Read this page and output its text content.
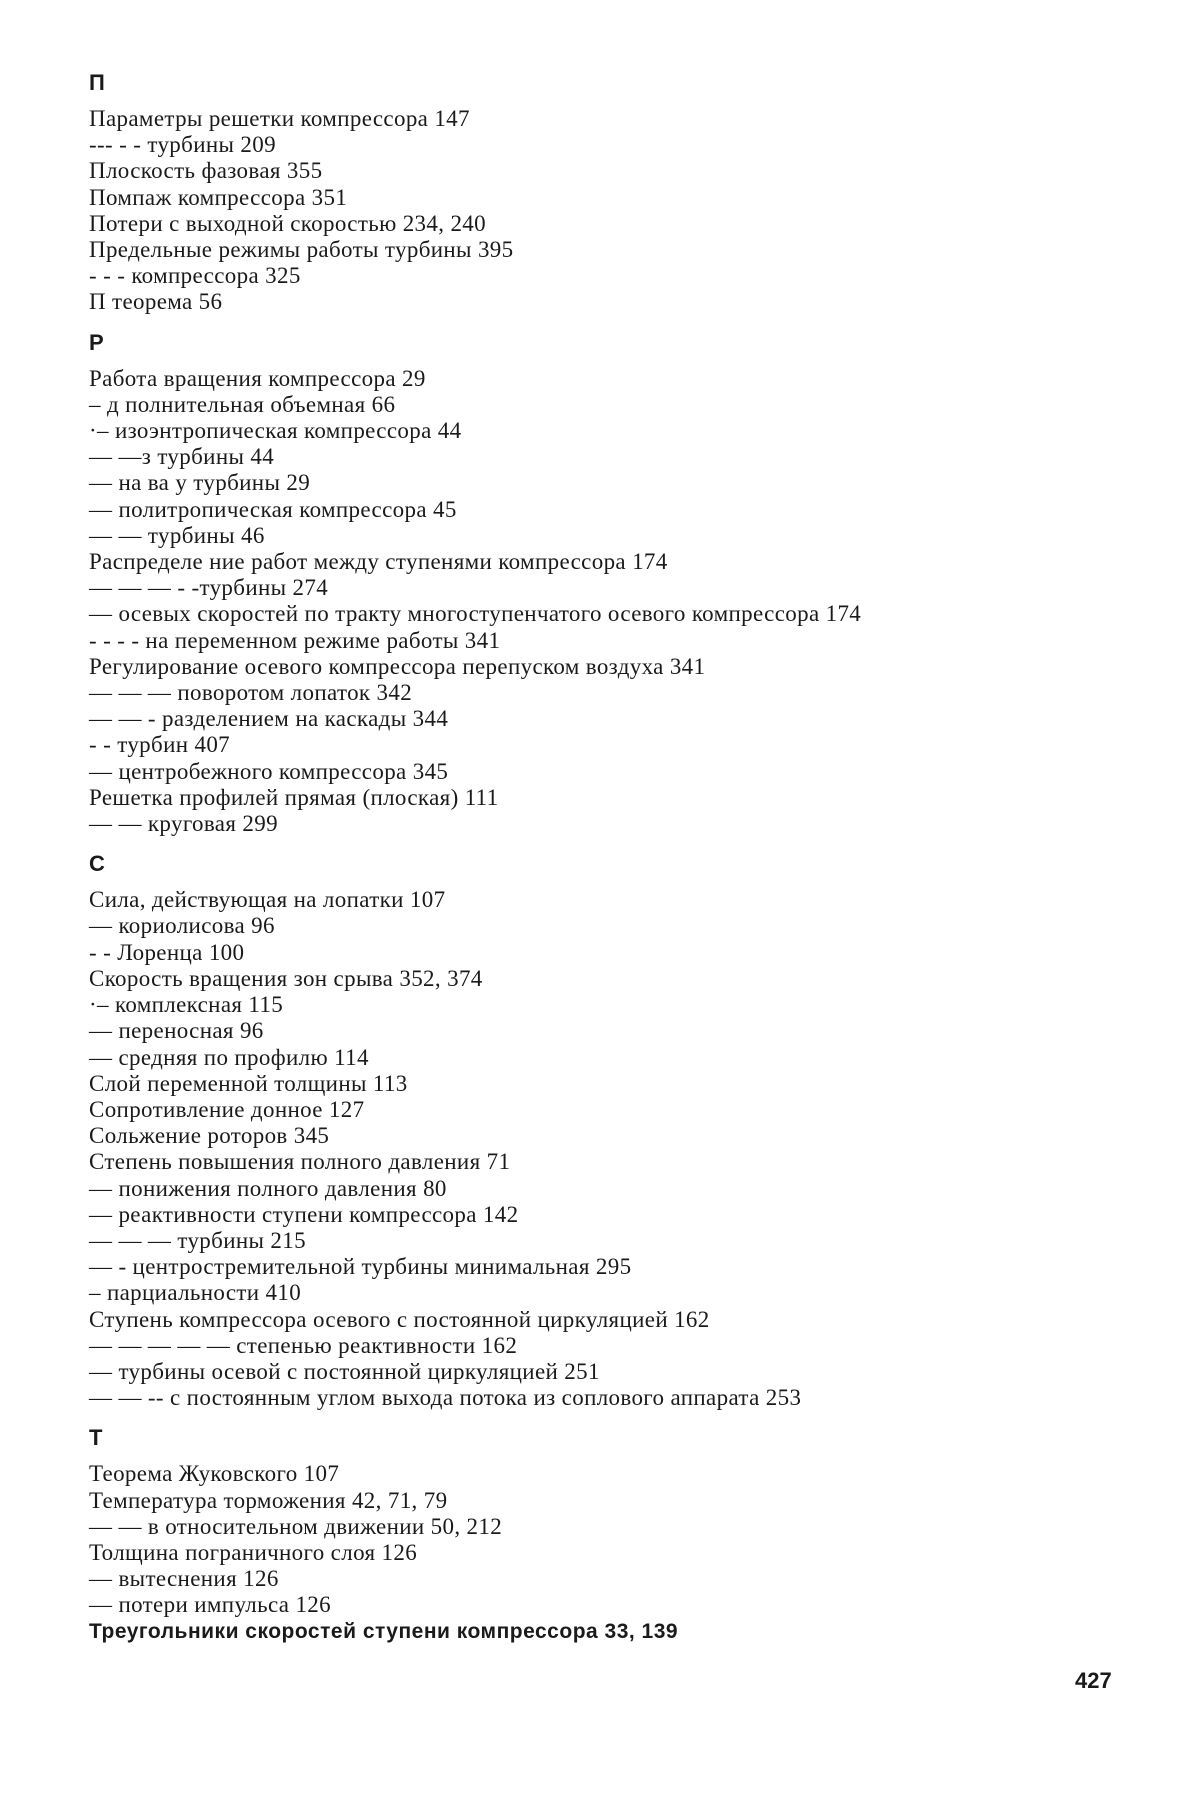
П
Параметры решетки компрессора 147
--- - - турбины 209
Плоскость фазовая 355
Помпаж компрессора 351
Потери с выходной скоростью 234, 240
Предельные режимы работы турбины 395
- - - компрессора 325
П теорема 56
Р
Работа вращения компрессора 29
– д полнительная объемная 66
·– изоэнтропическая компрессора 44
— —з турбины 44
— на ва у турбины 29
— политропическая компрессора 45
— — турбины 46
Распределе ние работ между ступенями компрессора 174
— — — - -турбины 274
— осевых скоростей по тракту многоступенчатого осевого компрессора 174
- - - - на переменном режиме работы 341
Регулирование осевого компрессора перепуском воздуха 341
— — — поворотом лопаток 342
— — - разделением на каскады 344
- - турбин 407
— центробежного компрессора 345
Решетка профилей прямая (плоская) 111
— — круговая 299
С
Сила, действующая на лопатки 107
— кориолисова 96
- - Лоренца 100
Скорость вращения зон срыва 352, 374
·– комплексная 115
— переносная 96
— средняя по профилю 114
Слой переменной толщины 113
Сопротивление донное 127
Сольжение роторов 345
Степень повышения полного давления 71
— понижения полного давления 80
— реактивности ступени компрессора 142
— — — турбины 215
— - центростремительной турбины минимальная 295
– парциальности 410
Ступень компрессора осевого с постоянной циркуляцией 162
— — — — — степенью реактивности 162
— турбины осевой с постоянной циркуляцией 251
— — -- с постоянным углом выхода потока из соплового аппарата 253
Т
Теорема Жуковского 107
Температура торможения 42, 71, 79
— — в относительном движении 50, 212
Толщина пограничного слоя 126
— вытеснения 126
— потери импульса 126
Треугольники скоростей ступени компрессора 33, 139
427
